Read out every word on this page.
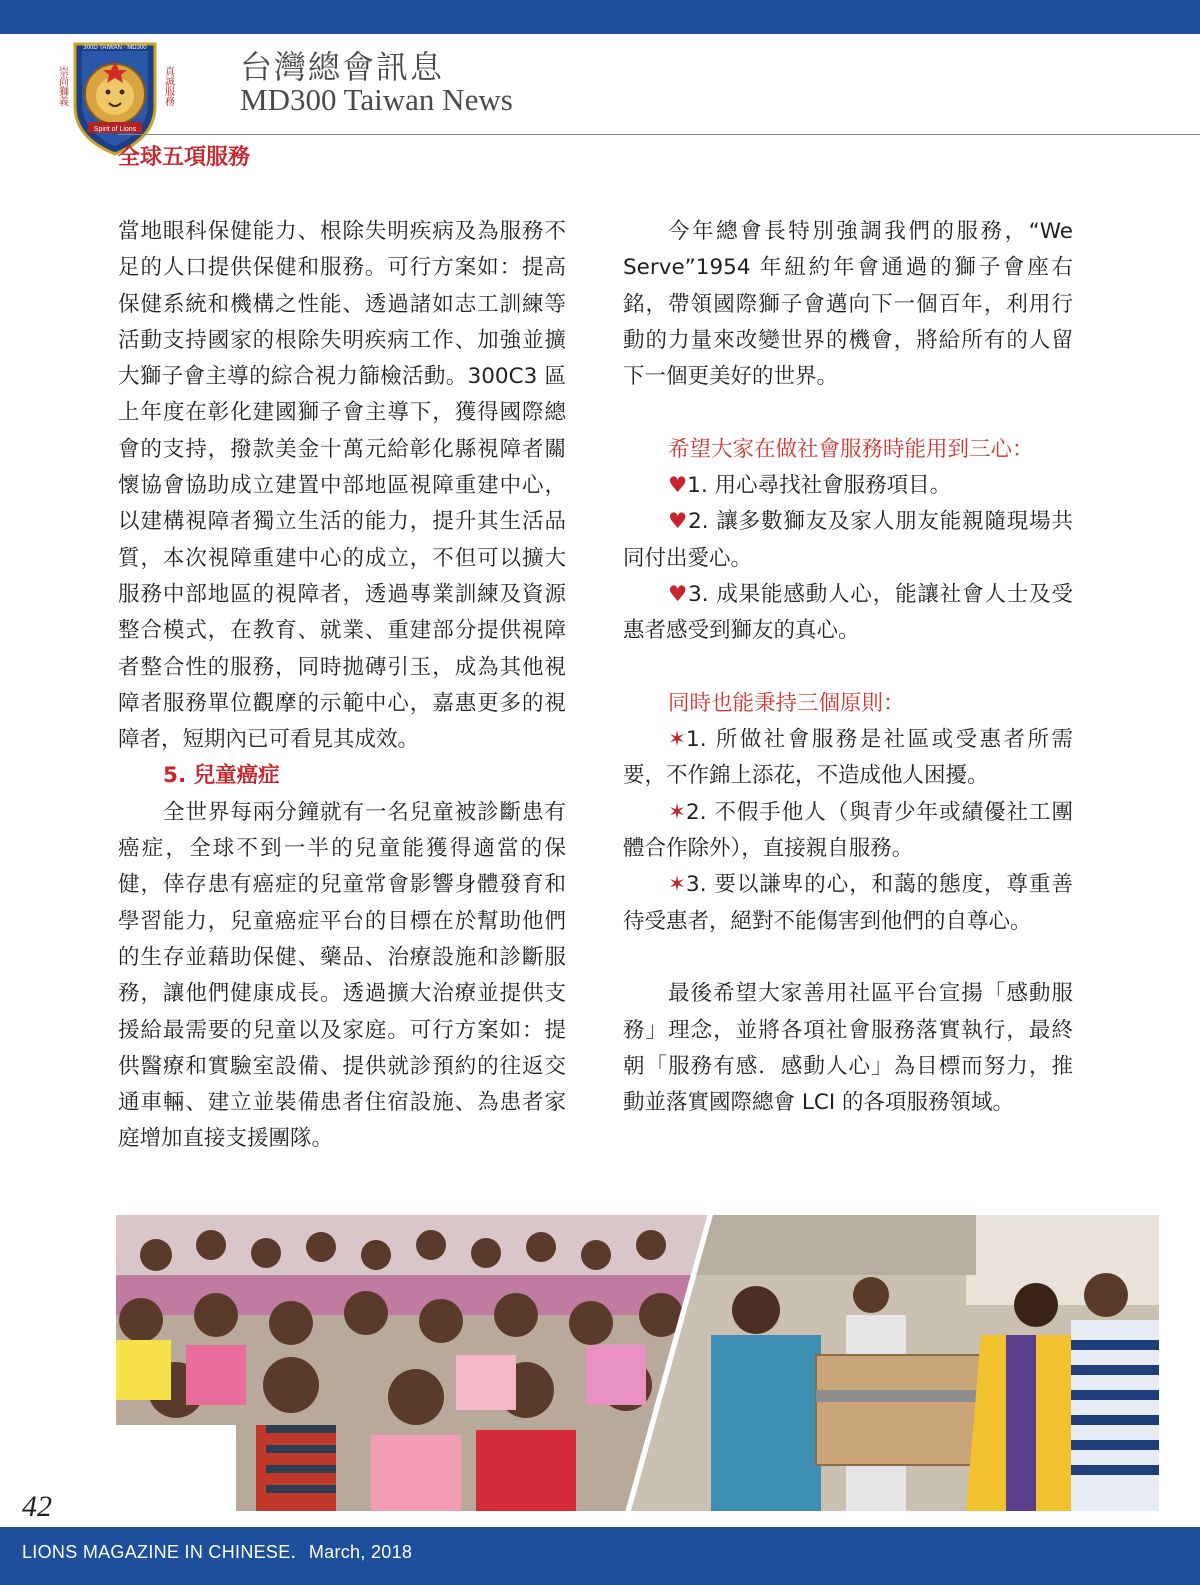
Spirit of Lions
300D TAIWAN · MD300
崇尚獅義	真誠服務 台灣總會訊息
MD300 Taiwan News
全球五項服務

當地眼科保健能力、根除失明疾病及為服務不足的人口提供保健和服務。可行方案如：提高保健系統和機構之性能、透過諸如志工訓練等活動支持國家的根除失明疾病工作、加強並擴大獅子會主導的綜合視力篩檢活動。300C3 區上年度在彰化建國獅子會主導下，獲得國際總會的支持，撥款美金十萬元給彰化縣視障者關懷協會協助成立建置中部地區視障重建中心，以建構視障者獨立生活的能力，提升其生活品質，本次視障重建中心的成立，不但可以擴大服務中部地區的視障者，透過專業訓練及資源整合模式，在教育、就業、重建部分提供視障者整合性的服務，同時拋磚引玉，成為其他視障者服務單位觀摩的示範中心，嘉惠更多的視障者，短期內已可看見其成效。

5. 兒童癌症

全世界每兩分鐘就有一名兒童被診斷患有癌症，全球不到一半的兒童能獲得適當的保健，倖存患有癌症的兒童常會影響身體發育和學習能力，兒童癌症平台的目標在於幫助他們的生存並藉助保健、藥品、治療設施和診斷服務，讓他們健康成長。透過擴大治療並提供支援給最需要的兒童以及家庭。可行方案如：提供醫療和實驗室設備、提供就診預約的往返交通車輛、建立並裝備患者住宿設施、為患者家庭增加直接支援團隊。

今年總會長特別強調我們的服務，“We Serve”1954 年紐約年會通過的獅子會座右銘，帶領國際獅子會邁向下一個百年，利用行動的力量來改變世界的機會，將給所有的人留下一個更美好的世界。

希望大家在做社會服務時能用到三心：

♥1. 用心尋找社會服務項目。

♥2. 讓多數獅友及家人朋友能親隨現場共同付出愛心。

♥3. 成果能感動人心，能讓社會人士及受惠者感受到獅友的真心。

同時也能秉持三個原則：

✶1. 所做社會服務是社區或受惠者所需要，不作錦上添花，不造成他人困擾。

✶2. 不假手他人（與青少年或績優社工團體合作除外），直接親自服務。

✶3. 要以謙卑的心，和藹的態度，尊重善待受惠者，絕對不能傷害到他們的自尊心。

最後希望大家善用社區平台宣揚「感動服務」理念，並將各項社會服務落實執行，最終朝「服務有感．感動人心」為目標而努力，推動並落實國際總會 LCI 的各項服務領域。

42
LIONS MAGAZINE IN CHINESE．March, 2018
